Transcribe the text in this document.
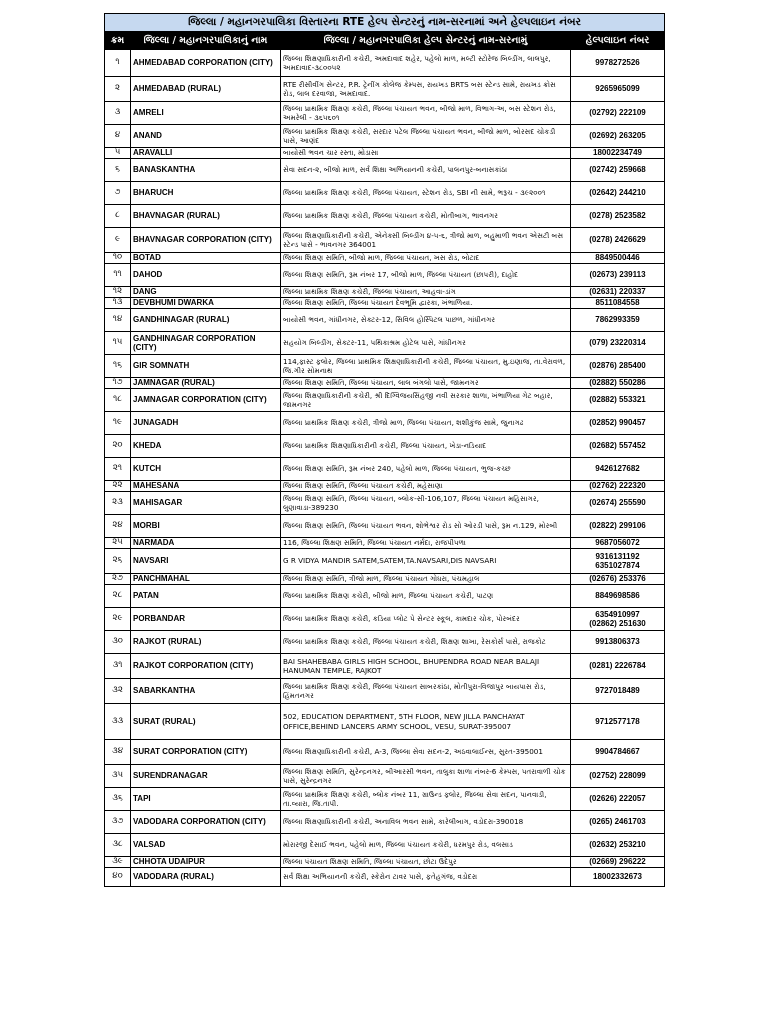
જિલ્લા / મહાનગરપાલિકા વિસ્તારના RTE હેલ્પ સેન્ટરનું નામ-સરનામાં અને હેલ્પલાઇન નંબર			
ક્રમ	જિલ્લા / મહાનગરપાલિકાનું નામ	જિલ્લા / મહાનગરપાલિકા હેલ્પ સેન્ટરનું નામ-સરનામું	હેલ્પલાઇન નંબર
૧	AHMEDABAD CORPORATION (CITY)	જિલ્લા શિક્ષણાધિકારીની કચેરી, અમદાવાદ શહેર, પહેલો માળ, મલ્ટી સ્ટોરેજ બિલ્ડીંગ, લાલપુર, અમદાવાદ-૩૮૦૦૫૨	9978272526
૨	AHMEDABAD (RURAL)	RTE રીસીવીંગ સેન્ટર, P.R. ટ્રેનીંગ કોલેજ કેમ્પસ, રાયખડ BRTS બસ સ્ટેન્ડ સામે, રાયખડ ક્રોસ રોડ, લાલ દરવાજા, અમદાવાદ.	9265965099
૩	AMRELI	જિલ્લા પ્રાથમિક શિક્ષણ કચેરી, જિલ્લા પંચાયત ભવન, બીજો માળ, વિભાગ-અ, બસ સ્ટેશન રોડ, અમરેલી - ૩૬૫૬૦૧	(02792) 222109
૪	ANAND	જિલ્લા પ્રાથમિક શિક્ષણ કચેરી, સરદાર પટેલ જિલ્લા પંચાયત ભવન, બીજો માળ, બોરસદ ચોકડી પાસે, આણંદ	(02692) 263205
૫	ARAVALLI	બાયોસી ભવન ચાર રસ્તા, મોડાસા	18002234749
૬	BANASKANTHA	સેવા સદન-૨, બીજો માળ, સર્વ શિક્ષા અભિયાનની કચેરી, પાલનપુર-બનાસકાંઠા	(02742) 259668
૭	BHARUCH	જિલ્લા પ્રાથમિક શિક્ષણ કચેરી, જિલ્લા પંચાયત, સ્ટેશન રોડ, SBI ની સામે, ભરૂચ - ૩૯૨૦૦૧	(02642) 244210
૮	BHAVNAGAR (RURAL)	જિલ્લા પ્રાથમિક શિક્ષણ કચેરી, જિલ્લા પંચાયત કચેરી, મોતીબાગ, ભાવનગર	(0278) 2523582
૯	BHAVNAGAR CORPORATION (CITY)	જિલ્લા શિક્ષણાધિકારીની કચેરી, એનેક્સી બિલ્ડીંગ ૪-૫-૬, ત્રીજો માળ, બહુમાળી ભવન એસટી બસ સ્ટેન્ડ પાસે - ભાવનગર 364001	(0278) 2426629
૧૦	BOTAD	જિલ્લા શિક્ષણ સમિતિ, બીજો માળ, જિલ્લા પંચાયત, ખસ રોડ, બોટાદ	8849500446
૧૧	DAHOD	જિલ્લા શિક્ષણ સમિતિ, રૂમ નંબર 17, બીજો માળ, જિલ્લા પંચાયત (છાપરી), દાહોદ	(02673) 239113
૧૨	DANG	જિલ્લા પ્રાથમિક શિક્ષણ કચેરી, જિલ્લા પંચાયત, આહવા-ડાંગ	(02631) 220337
૧૩	DEVBHUMI DWARKA	જિલ્લા શિક્ષણ સમિતિ, જિલ્લા પંચાયત દેવભૂમિ દ્વારકા, ખંભાળિયા.	8511084558
૧૪	GANDHINAGAR (RURAL)	બાયોસી ભવન, ગાંધીનગર, સેક્ટર-12, સિવિલ હોસ્પિટલ પાછળ, ગાંધીનગર	7862993359
૧૫	GANDHINAGAR CORPORATION (CITY)	સહયોગ બિલ્ડીંગ, સેક્ટર-11, પથિકાશ્રમ હોટેલ પાસે, ગાંધીનગર	(079) 23220314
૧૬	GIR SOMNATH	114,ફાસ્ટ ફ્લોર, જિલ્લા પ્રાથમિક શિક્ષણાધિકારીની કચેરી, જિલ્લા પંચાયત, મુ.ઇણાજ, તા.વેરાવળ, જિ.ગીર સોમનાથ	(02876) 285400
૧૭	JAMNAGAR (RURAL)	જિલ્લા શિક્ષણ સમિતિ, જિલ્લા પંચાયત, લાલ બંગલો પાસે, જામનગર	(02882) 550286
૧૮	JAMNAGAR CORPORATION (CITY)	જિલ્લા શિક્ષણાધિકારીની કચેરી, શ્રી દિગ્વિજયસિંહજી નવી સરકાર શાળા, ખંભાળિયા ગેટ બહાર, જામનગર	(02882) 553321
૧૯	JUNAGADH	જિલ્લા પ્રાથમિક શિક્ષણ કચેરી, ત્રીજો માળ, જિલ્લા પંચાયત, શશીકુંજ સામે, જુનાગઢ	(02852) 990457
૨૦	KHEDA	જિલ્લા પ્રાથમિક શિક્ષણાધિકારીની કચેરી, જિલ્લા પંચાયત, ખેડા-નડિયાદ	(02682) 557452
૨૧	KUTCH	જિલ્લા શિક્ષણ સમિતિ, રૂમ નંબર 240, પહેલો માળ, જિલ્લા પંચાયત, ભુજ-કચ્છ	9426127682
૨૨	MAHESANA	જિલ્લા શિક્ષણ સમિતિ, જિલ્લા પંચાયત કચેરી, મહેસાણા	(02762) 222320
૨૩	MAHISAGAR	જિલ્લા શિક્ષણ સમિતિ, જિલ્લા પંચાયત, બ્લોક-સી-106,107, જિલ્લા પંચાયત મહિસાગર, લુણાવાડા-389230	(02674) 255590
૨૪	MORBI	જિલ્લા શિક્ષણ સમિતિ, જિલ્લા પંચાયત ભવન, શોભેશ્વર રોડ સો ઓરડી પાસે, રૂમ ન.129, મોરબી	(02822) 299106
૨૫	NARMADA	116, જિલ્લા શિક્ષણ સમિતિ, જિલ્લા પંચાયત નર્મદા, રાજપીપળા	9687056072
૨૬	NAVSARI	G R VIDYA MANDIR SATEM,SATEM,TA.NAVSARI,DIS NAVSARI	9316131192
6351027874
૨૭	PANCHMAHAL	જિલ્લા શિક્ષણ સમિતિ, ત્રીજો માળ, જિલ્લા પંચાયત ગોધરા, પંચમહાલ	(02676) 253376
૨૮	PATAN	જિલ્લા પ્રાથમિક શિક્ષણ કચેરી, બીજો માળ, જિલ્લા પંચાયત કચેરી, પાટણ	8849698586
૨૯	PORBANDAR	જિલ્લા પ્રાથમિક શિક્ષણ કચેરી, કડિયા પ્લોટ પે સેન્ટર સ્કૂલ, કામદાર ચોક, પોરબંદર	6354910997
(02862) 251630
૩૦	RAJKOT (RURAL)	જિલ્લા પ્રાથમિક શિક્ષણ કચેરી, જિલ્લા પંચાયત કચેરી, શિક્ષણ શાખા, રેસકોર્સ પાસે, રાજકોટ	9913806373
૩૧	RAJKOT CORPORATION (CITY)	BAI SHAHEBABA GIRLS HIGH SCHOOL, BHUPENDRA ROAD NEAR BALAJI HANUMAN TEMPLE, RAJKOT	(0281) 2226784
૩૨	SABARKANTHA	જિલ્લા પ્રાથમિક શિક્ષણ કચેરી, જિલ્લા પંચાયત સાબરકાંઠા, મોતીપુરા-વિજાપુર બાયપાસ રોડ, હિંમતનગર	9727018489
૩૩	SURAT (RURAL)	502, EDUCATION DEPARTMENT, 5TH FLOOR, NEW JILLA PANCHAYAT OFFICE,BEHIND LANCERS ARMY SCHOOL, VESU, SURAT-395007	9712577178
૩૪	SURAT CORPORATION (CITY)	જિલ્લા શિક્ષણાધિકારીની કચેરી, A-3, જિલ્લા સેવા સદન-2, અઠવાલાઈન્સ, સુરત-395001	9904784667
૩૫	SURENDRANAGAR	જિલ્લા શિક્ષણ સમિતિ, સુરેન્દ્રનગર, બીઆરસી ભવન, તાલુકા શાળા નંબર-6 કેમ્પસ, પતરાવાળી ચોક પાસે, સુરેન્દ્રનગર	(02752) 228099
૩૬	TAPI	જિલ્લા પ્રાથમિક શિક્ષણ કચેરી, બ્લોક નંબર 11, ગ્રાઉન્ડ ફ્લોર, જિલ્લા સેવા સદન, પાનવાડી, તા.વ્યારા, જિ.તાપી.	(02626) 222057
૩૭	VADODARA CORPORATION (CITY)	જિલ્લા શિક્ષણાધિકારીની કચેરી, અનાવિલ ભવન સામે, કારેલીબાગ, વડોદરા-390018	(0265) 2461703
૩૮	VALSAD	મોરારજી દેસાઈ ભવન, પહેલો માળ, જિલ્લા પંચાયત કચેરી, ધરમપુર રોડ, વલસાડ	(02632) 253210
૩૯	CHHOTA UDAIPUR	જિલ્લા પંચાયત શિક્ષણ સમિતિ, જિલ્લા પંચાયત, છોટા ઉદેપુર	(02669) 296222
૪૦	VADODARA (RURAL)	સર્વ શિક્ષા અભિયાનની કચેરી, સ્કેરોન ટાવર પાસે, ફતેહગંજ, વડોદરા	18002332673
